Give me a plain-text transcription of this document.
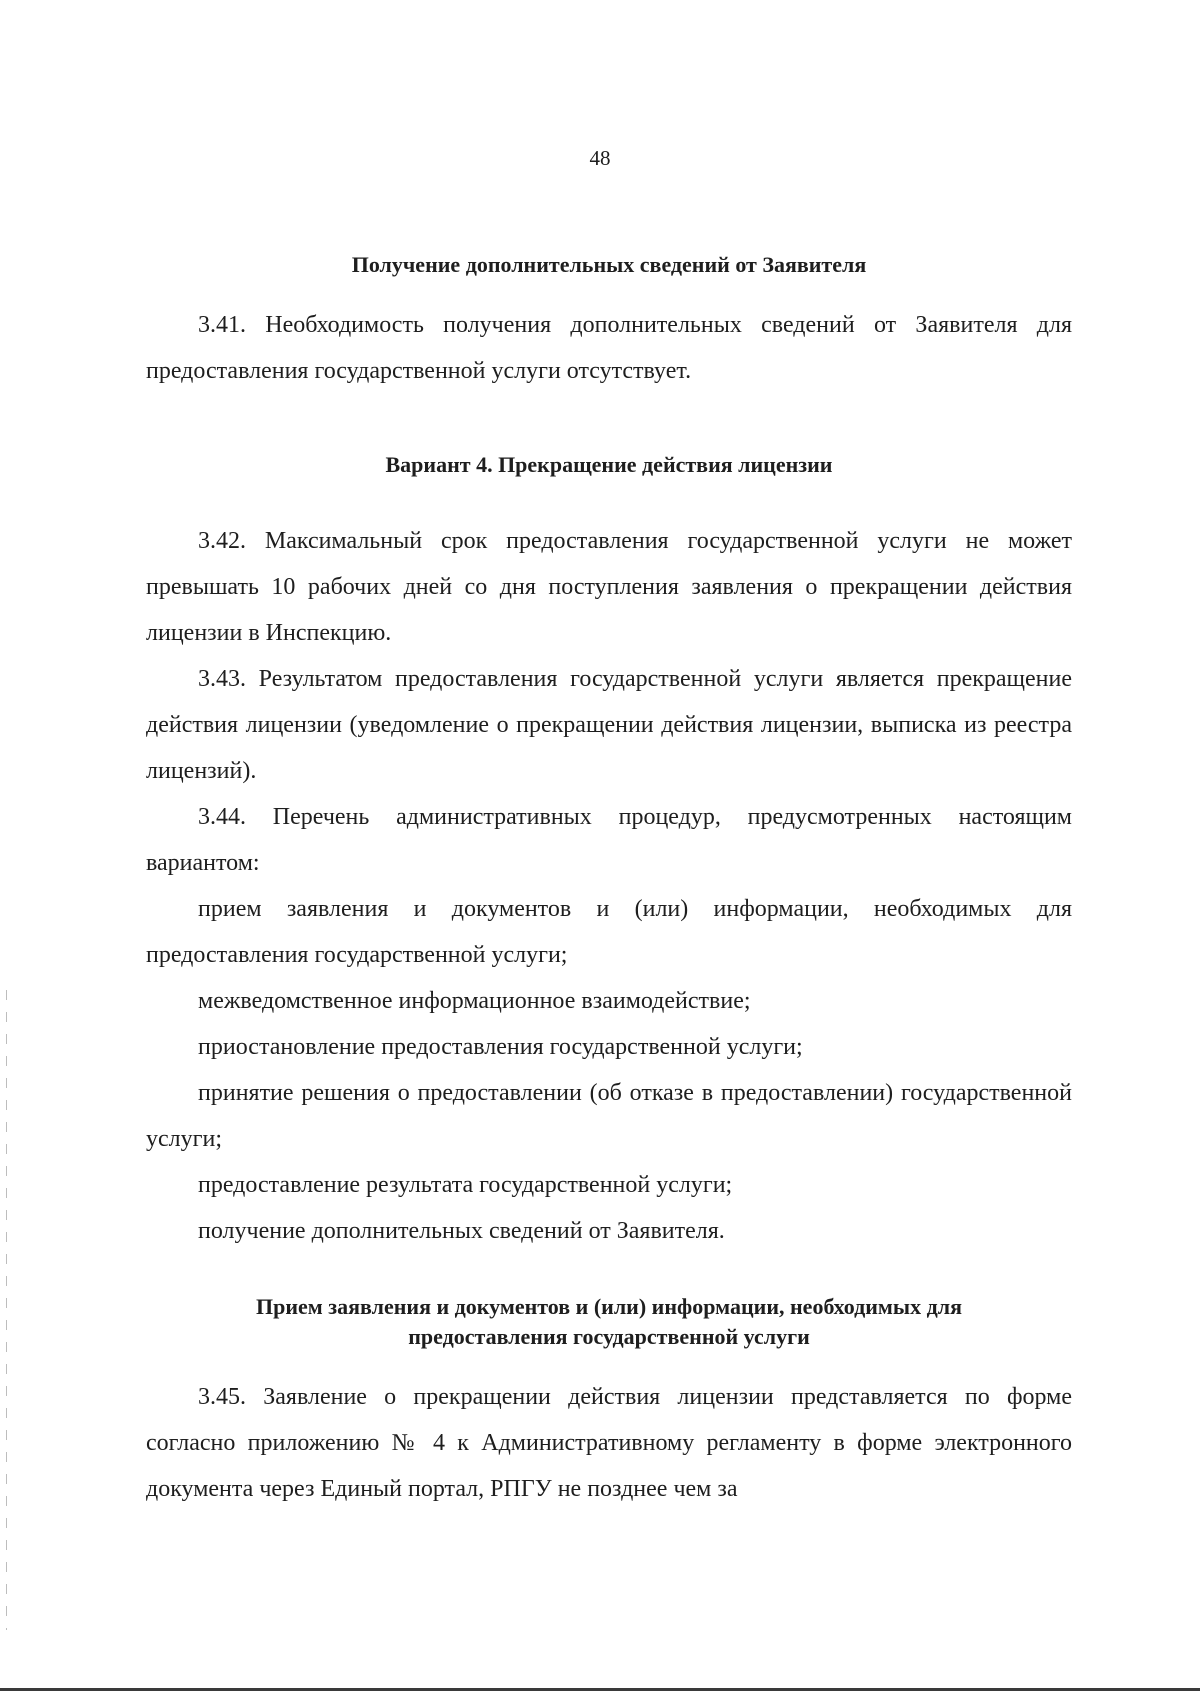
48
Получение дополнительных сведений от Заявителя

3.41. Необходимость получения дополнительных сведений от Заявителя для предоставления государственной услуги отсутствует.

Вариант 4. Прекращение действия лицензии

3.42. Максимальный срок предоставления государственной услуги не может превышать 10 рабочих дней со дня поступления заявления о прекращении действия лицензии в Инспекцию.

3.43. Результатом предоставления государственной услуги является прекращение действия лицензии (уведомление о прекращении действия лицензии, выписка из реестра лицензий).

3.44. Перечень административных процедур, предусмотренных настоящим вариантом:

прием заявления и документов и (или) информации, необходимых для предоставления государственной услуги;

межведомственное информационное взаимодействие;

приостановление предоставления государственной услуги;

принятие решения о предоставлении (об отказе в предоставлении) государственной услуги;

предоставление результата государственной услуги;

получение дополнительных сведений от Заявителя.

Прием заявления и документов и (или) информации, необходимых для
предоставления государственной услуги

3.45. Заявление о прекращении действия лицензии представляется по форме согласно приложению № 4 к Административному регламенту в форме электронного документа через Единый портал, РПГУ не позднее чем за
